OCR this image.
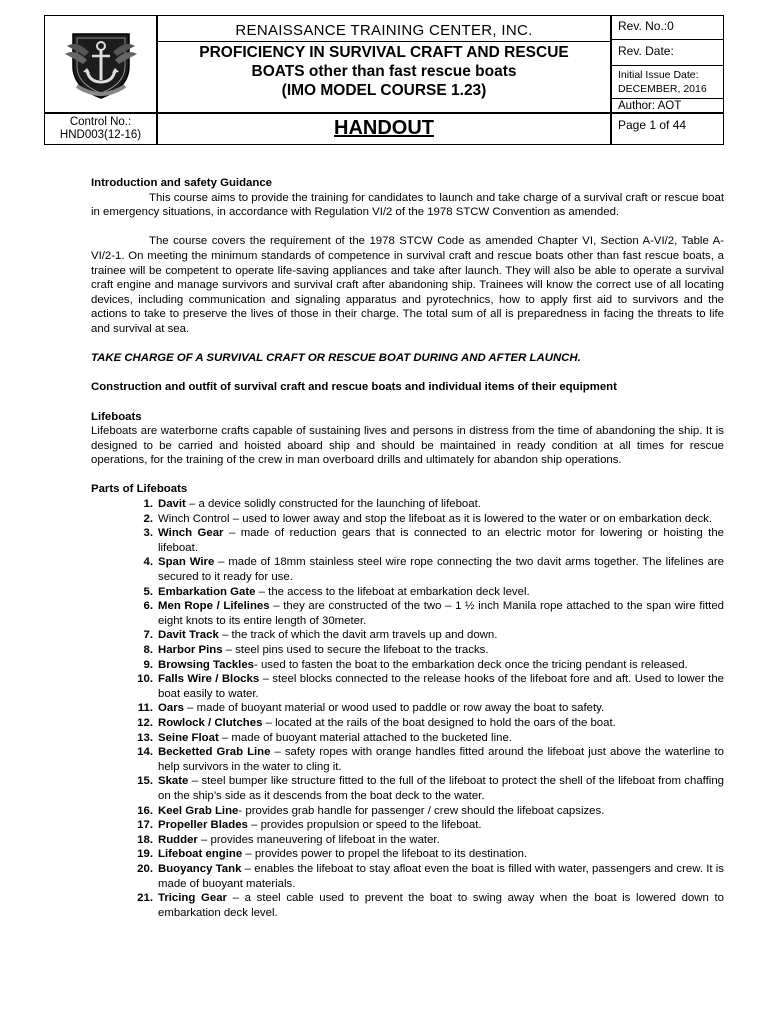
RENAISSANCE TRAINING CENTER, INC.
PROFICIENCY IN SURVIVAL CRAFT AND RESCUE
BOATS other than fast rescue boats
(IMO MODEL COURSE 1.23)
Rev. No.:0
Rev. Date:
Initial Issue Date:
DECEMBER, 2016
Author: AOT
Control No.:
HND003(12-16)	HANDOUT	Page 1 of 44

Introduction and safety Guidance

This course aims to provide the training for candidates to launch and take charge of a survival craft or rescue boat in emergency situations, in accordance with Regulation VI/2 of the 1978 STCW Convention as amended.

The course covers the requirement of the 1978 STCW Code as amended Chapter VI, Section A-VI/2, Table A-VI/2-1. On meeting the minimum standards of competence in survival craft and rescue boats other than fast rescue boats, a trainee will be competent to operate life-saving appliances and take after launch. They will also be able to operate a survival craft engine and manage survivors and survival craft after abandoning ship. Trainees will know the correct use of all locating devices, including communication and signaling apparatus and pyrotechnics, how to apply first aid to survivors and the actions to take to preserve the lives of those in their charge. The total sum of all is preparedness in facing the threats to life and survival at sea.

TAKE CHARGE OF A SURVIVAL CRAFT OR RESCUE BOAT DURING AND AFTER LAUNCH.

Construction and outfit of survival craft and rescue boats and individual items of their equipment

Lifeboats

Lifeboats are waterborne crafts capable of sustaining lives and persons in distress from the time of abandoning the ship. It is designed to be carried and hoisted aboard ship and should be maintained in ready condition at all times for rescue operations, for the training of the crew in man overboard drills and ultimately for abandon ship operations.

Parts of Lifeboats

1. Davit – a device solidly constructed for the launching of lifeboat.
2. Winch Control – used to lower away and stop the lifeboat as it is lowered to the water or on embarkation deck.
3. Winch Gear – made of reduction gears that is connected to an electric motor for lowering or hoisting the lifeboat.
4. Span Wire – made of 18mm stainless steel wire rope connecting the two davit arms together. The lifelines are secured to it ready for use.
5. Embarkation Gate – the access to the lifeboat at embarkation deck level.
6. Men Rope / Lifelines – they are constructed of the two – 1 ½ inch Manila rope attached to the span wire fitted eight knots to its entire length of 30meter.
7. Davit Track – the track of which the davit arm travels up and down.
8. Harbor Pins – steel pins used to secure the lifeboat to the tracks.
9. Browsing Tackles- used to fasten the boat to the embarkation deck once the tricing pendant is released.
10. Falls Wire / Blocks – steel blocks connected to the release hooks of the lifeboat fore and aft. Used to lower the boat easily to water.
11. Oars – made of buoyant material or wood used to paddle or row away the boat to safety.
12. Rowlock / Clutches – located at the rails of the boat designed to hold the oars of the boat.
13. Seine Float – made of buoyant material attached to the bucketed line.
14. Becketted Grab Line – safety ropes with orange handles fitted around the lifeboat just above the waterline to help survivors in the water to cling it.
15. Skate – steel bumper like structure fitted to the full of the lifeboat to protect the shell of the lifeboat from chaffing on the ship’s side as it descends from the boat deck to the water.
16. Keel Grab Line- provides grab handle for passenger / crew should the lifeboat capsizes.
17. Propeller Blades – provides propulsion or speed to the lifeboat.
18. Rudder – provides maneuvering of lifeboat in the water.
19. Lifeboat engine – provides power to propel the lifeboat to its destination.
20. Buoyancy Tank – enables the lifeboat to stay afloat even the boat is filled with water, passengers and crew. It is made of buoyant materials.
21. Tricing Gear – a steel cable used to prevent the boat to swing away when the boat is lowered down to embarkation deck level.
